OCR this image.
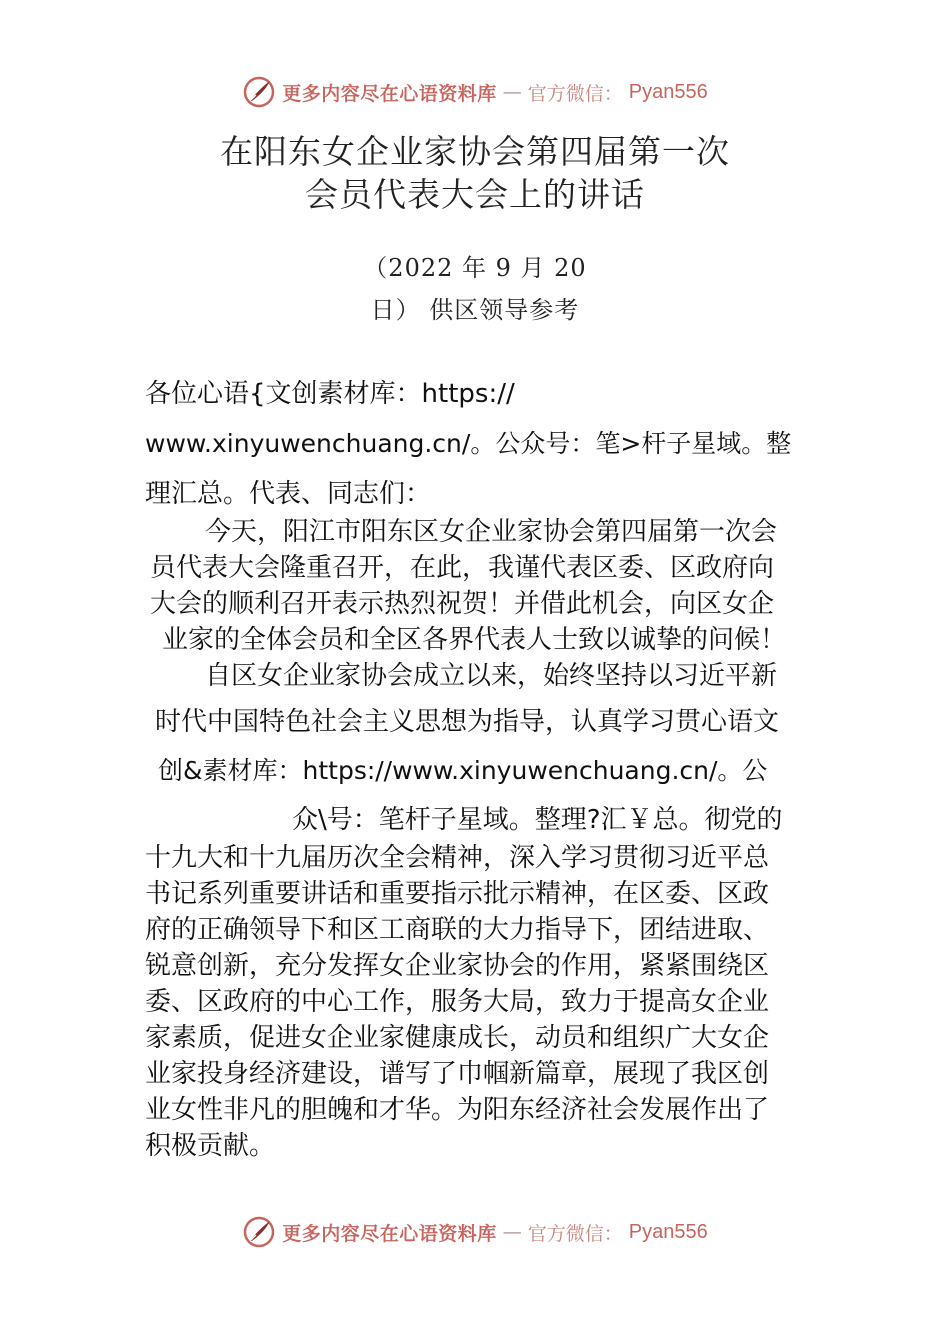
更多内容尽在心语资料库 — 官方微信： Pyan556
在阳东女企业家协会第四届第一次
会员代表大会上的讲话
（2022 年 9 月 20
日） 供区领导参考
各位心语{文创素材库：https://
www.xinyuwenchuang.cn/。公众号：笔>杆子星域。整
理汇总。代表、同志们：
今天，阳江市阳东区女企业家协会第四届第一次会
员代表大会隆重召开，在此，我谨代表区委、区政府向
大会的顺利召开表示热烈祝贺！并借此机会，向区女企
业家的全体会员和全区各界代表人士致以诚挚的问候！
自区女企业家协会成立以来，始终坚持以习近平新
时代中国特色社会主义思想为指导，认真学习贯心语文
创&素材库：https://www.xinyuwenchuang.cn/。公
众\号：笔杆子星域。整理?汇￥总。彻党的
十九大和十九届历次全会精神，深入学习贯彻习近平总
书记系列重要讲话和重要指示批示精神，在区委、区政
府的正确领导下和区工商联的大力指导下，团结进取、
锐意创新，充分发挥女企业家协会的作用，紧紧围绕区
委、区政府的中心工作，服务大局，致力于提高女企业
家素质，促进女企业家健康成长，动员和组织广大女企
业家投身经济建设，谱写了巾帼新篇章，展现了我区创
业女性非凡的胆魄和才华。为阳东经济社会发展作出了
积极贡献。
更多内容尽在心语资料库 — 官方微信： Pyan556
